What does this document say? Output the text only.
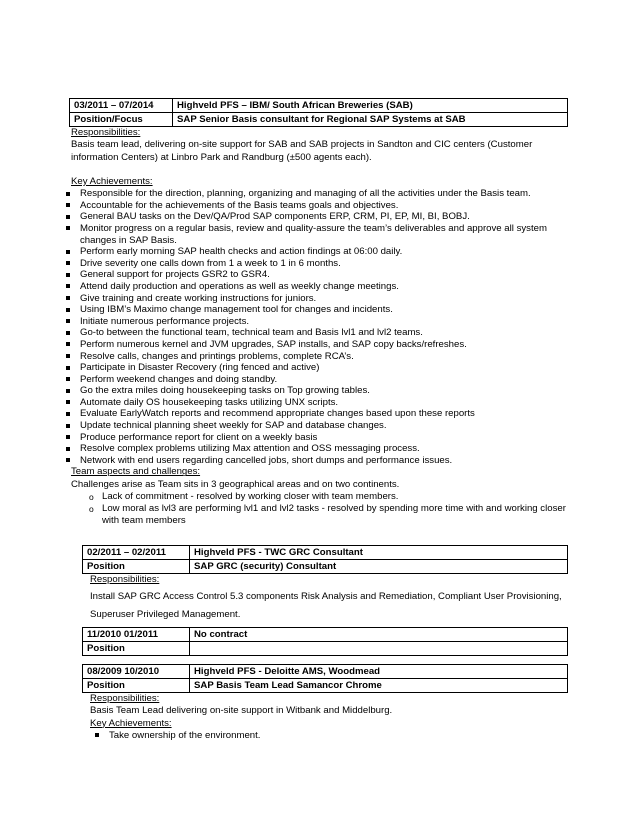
03/2011 – 07/2014	Highveld PFS – IBM/ South African Breweries (SAB)
Position/Focus	SAP Senior Basis consultant for Regional SAP Systems at SAB
Responsibilities:
Basis team lead, delivering on-site support for SAB and SAB projects in Sandton and CIC centers (Customer information Centers) at Linbro Park and Randburg (±500 agents each).
Key Achievements:
Responsible for the direction, planning, organizing and managing of all the activities under the Basis team.
Accountable for the achievements of the Basis teams goals and objectives.
General BAU tasks on the Dev/QA/Prod SAP components ERP, CRM, PI, EP, MI, BI, BOBJ.
Monitor progress on a regular basis, review and quality-assure the team’s deliverables and approve all system changes in SAP Basis.
Perform early morning SAP health checks and action findings at 06:00 daily.
Drive severity one calls down from 1 a week to 1 in 6 months.
General support for projects GSR2 to GSR4.
Attend daily production and operations as well as weekly change meetings.
Give training and create working instructions for juniors.
Using IBM’s Maximo change management tool for changes and incidents.
Initiate numerous performance projects.
Go-to between the functional team, technical team and Basis lvl1 and lvl2 teams.
Perform numerous kernel and JVM upgrades, SAP installs, and SAP copy backs/refreshes.
Resolve calls, changes and printings problems, complete RCA’s.
Participate in Disaster Recovery (ring fenced and active)
Perform weekend changes and doing standby.
Go the extra miles doing housekeeping tasks on Top growing tables.
Automate daily OS housekeeping tasks utilizing UNX scripts.
Evaluate EarlyWatch reports and recommend appropriate changes based upon these reports
Update technical planning sheet weekly for SAP and database changes.
Produce performance report for client on a weekly basis
Resolve complex problems utilizing Max attention and OSS messaging process.
Network with end users regarding cancelled jobs, short dumps and performance issues.
Team aspects and challenges:
Challenges arise as Team sits in 3 geographical areas and on two continents.
o Lack of commitment - resolved by working closer with team members.
o Low moral as lvl3 are performing lvl1 and lvl2 tasks - resolved by spending more time with and working closer with team members
02/2011 – 02/2011	Highveld PFS - TWC GRC Consultant
Position	SAP GRC (security) Consultant
Responsibilities:
Install SAP GRC Access Control 5.3 components Risk Analysis and Remediation, Compliant User Provisioning, Superuser Privileged Management.
11/2010 01/2011	No contract
Position	
08/2009 10/2010	Highveld PFS - Deloitte AMS, Woodmead
Position	SAP Basis Team Lead Samancor Chrome
Responsibilities:
Basis Team Lead delivering on-site support in Witbank and Middelburg.
Key Achievements:
Take ownership of the environment.
